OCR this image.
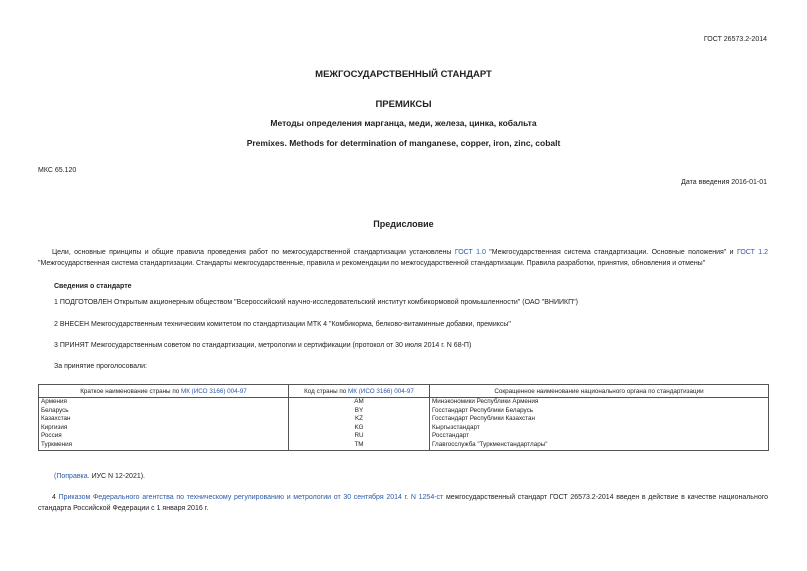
ГОСТ 26573.2-2014
МЕЖГОСУДАРСТВЕННЫЙ СТАНДАРТ
ПРЕМИКСЫ
Методы определения марганца, меди, железа, цинка, кобальта
Premixes. Methods for determination of manganese, copper, iron, zinc, cobalt
МКС 65.120
Дата введения 2016-01-01
Предисловие
Цели, основные принципы и общие правила проведения работ по межгосударственной стандартизации установлены ГОСТ 1.0 "Межгосударственная система стандартизации. Основные положения" и ГОСТ 1.2 "Межгосударственная система стандартизации. Стандарты межгосударственные, правила и рекомендации по межгосударственной стандартизации. Правила разработки, принятия, обновления и отмены"
Сведения о стандарте
1 ПОДГОТОВЛЕН Открытым акционерным обществом "Всероссийский научно-исследовательский институт комбикормовой промышленности" (ОАО "ВНИИКП")
2 ВНЕСЕН Межгосударственным техническим комитетом по стандартизации МТК 4 "Комбикорма, белково-витаминные добавки, премиксы"
3 ПРИНЯТ Межгосударственным советом по стандартизации, метрологии и сертификации (протокол от 30 июля 2014 г. N 68-П)
За принятие проголосовали:
Краткое наименование страны по МК (ИСО 3166) 004-97	Код страны по МК (ИСО 3166) 004-97	Сокращенное наименование национального органа по стандартизации
Армения	AM	Минэкономики Республики Армения
Беларусь	BY	Госстандарт Республики Беларусь
Казахстан	KZ	Госстандарт Республики Казахстан
Киргизия	KG	Кыргызстандарт
Россия	RU	Росстандарт
Туркмения	TM	Главгосслужба "Туркменстандартлары"
(Поправка. ИУС N 12-2021).
4 Приказом Федерального агентства по техническому регулированию и метрологии от 30 сентября 2014 г. N 1254-ст межгосударственный стандарт ГОСТ 26573.2-2014 введен в действие в качестве национального стандарта Российской Федерации с 1 января 2016 г.
